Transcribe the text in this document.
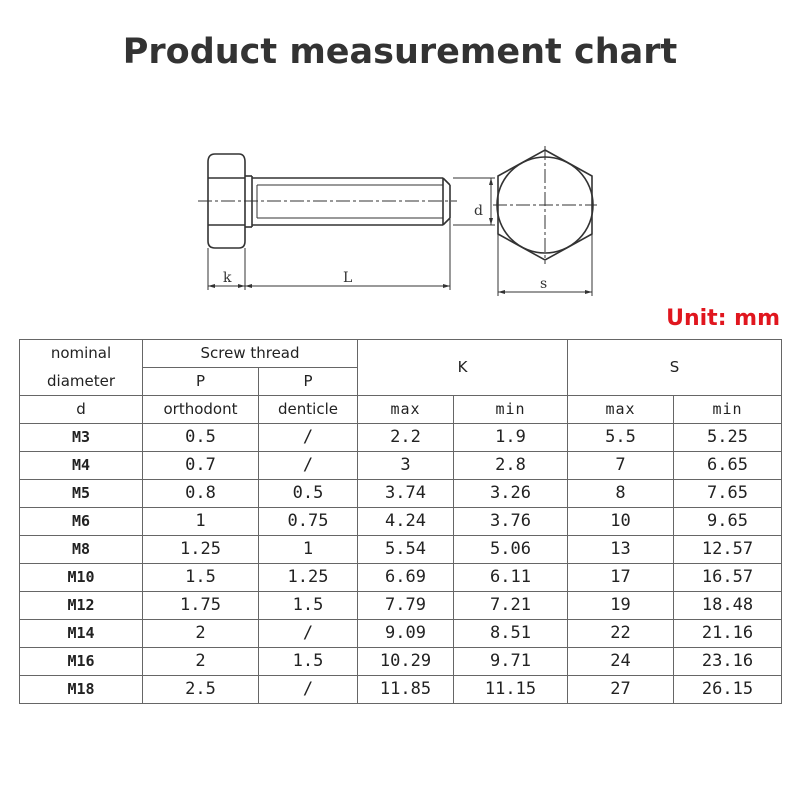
Product measurement chart
k	L
d
s
Unit: mm
nominal	Screw thread		K		S	
diameter	P	P				
d	orthodont	denticle	max	min	max	min
M3	0.5	/	2.2	1.9	5.5	5.25
M4	0.7	/	3	2.8	7	6.65
M5	0.8	0.5	3.74	3.26	8	7.65
M6	1	0.75	4.24	3.76	10	9.65
M8	1.25	1	5.54	5.06	13	12.57
M10	1.5	1.25	6.69	6.11	17	16.57
M12	1.75	1.5	7.79	7.21	19	18.48
M14	2	/	9.09	8.51	22	21.16
M16	2	1.5	10.29	9.71	24	23.16
M18	2.5	/	11.85	11.15	27	26.15
